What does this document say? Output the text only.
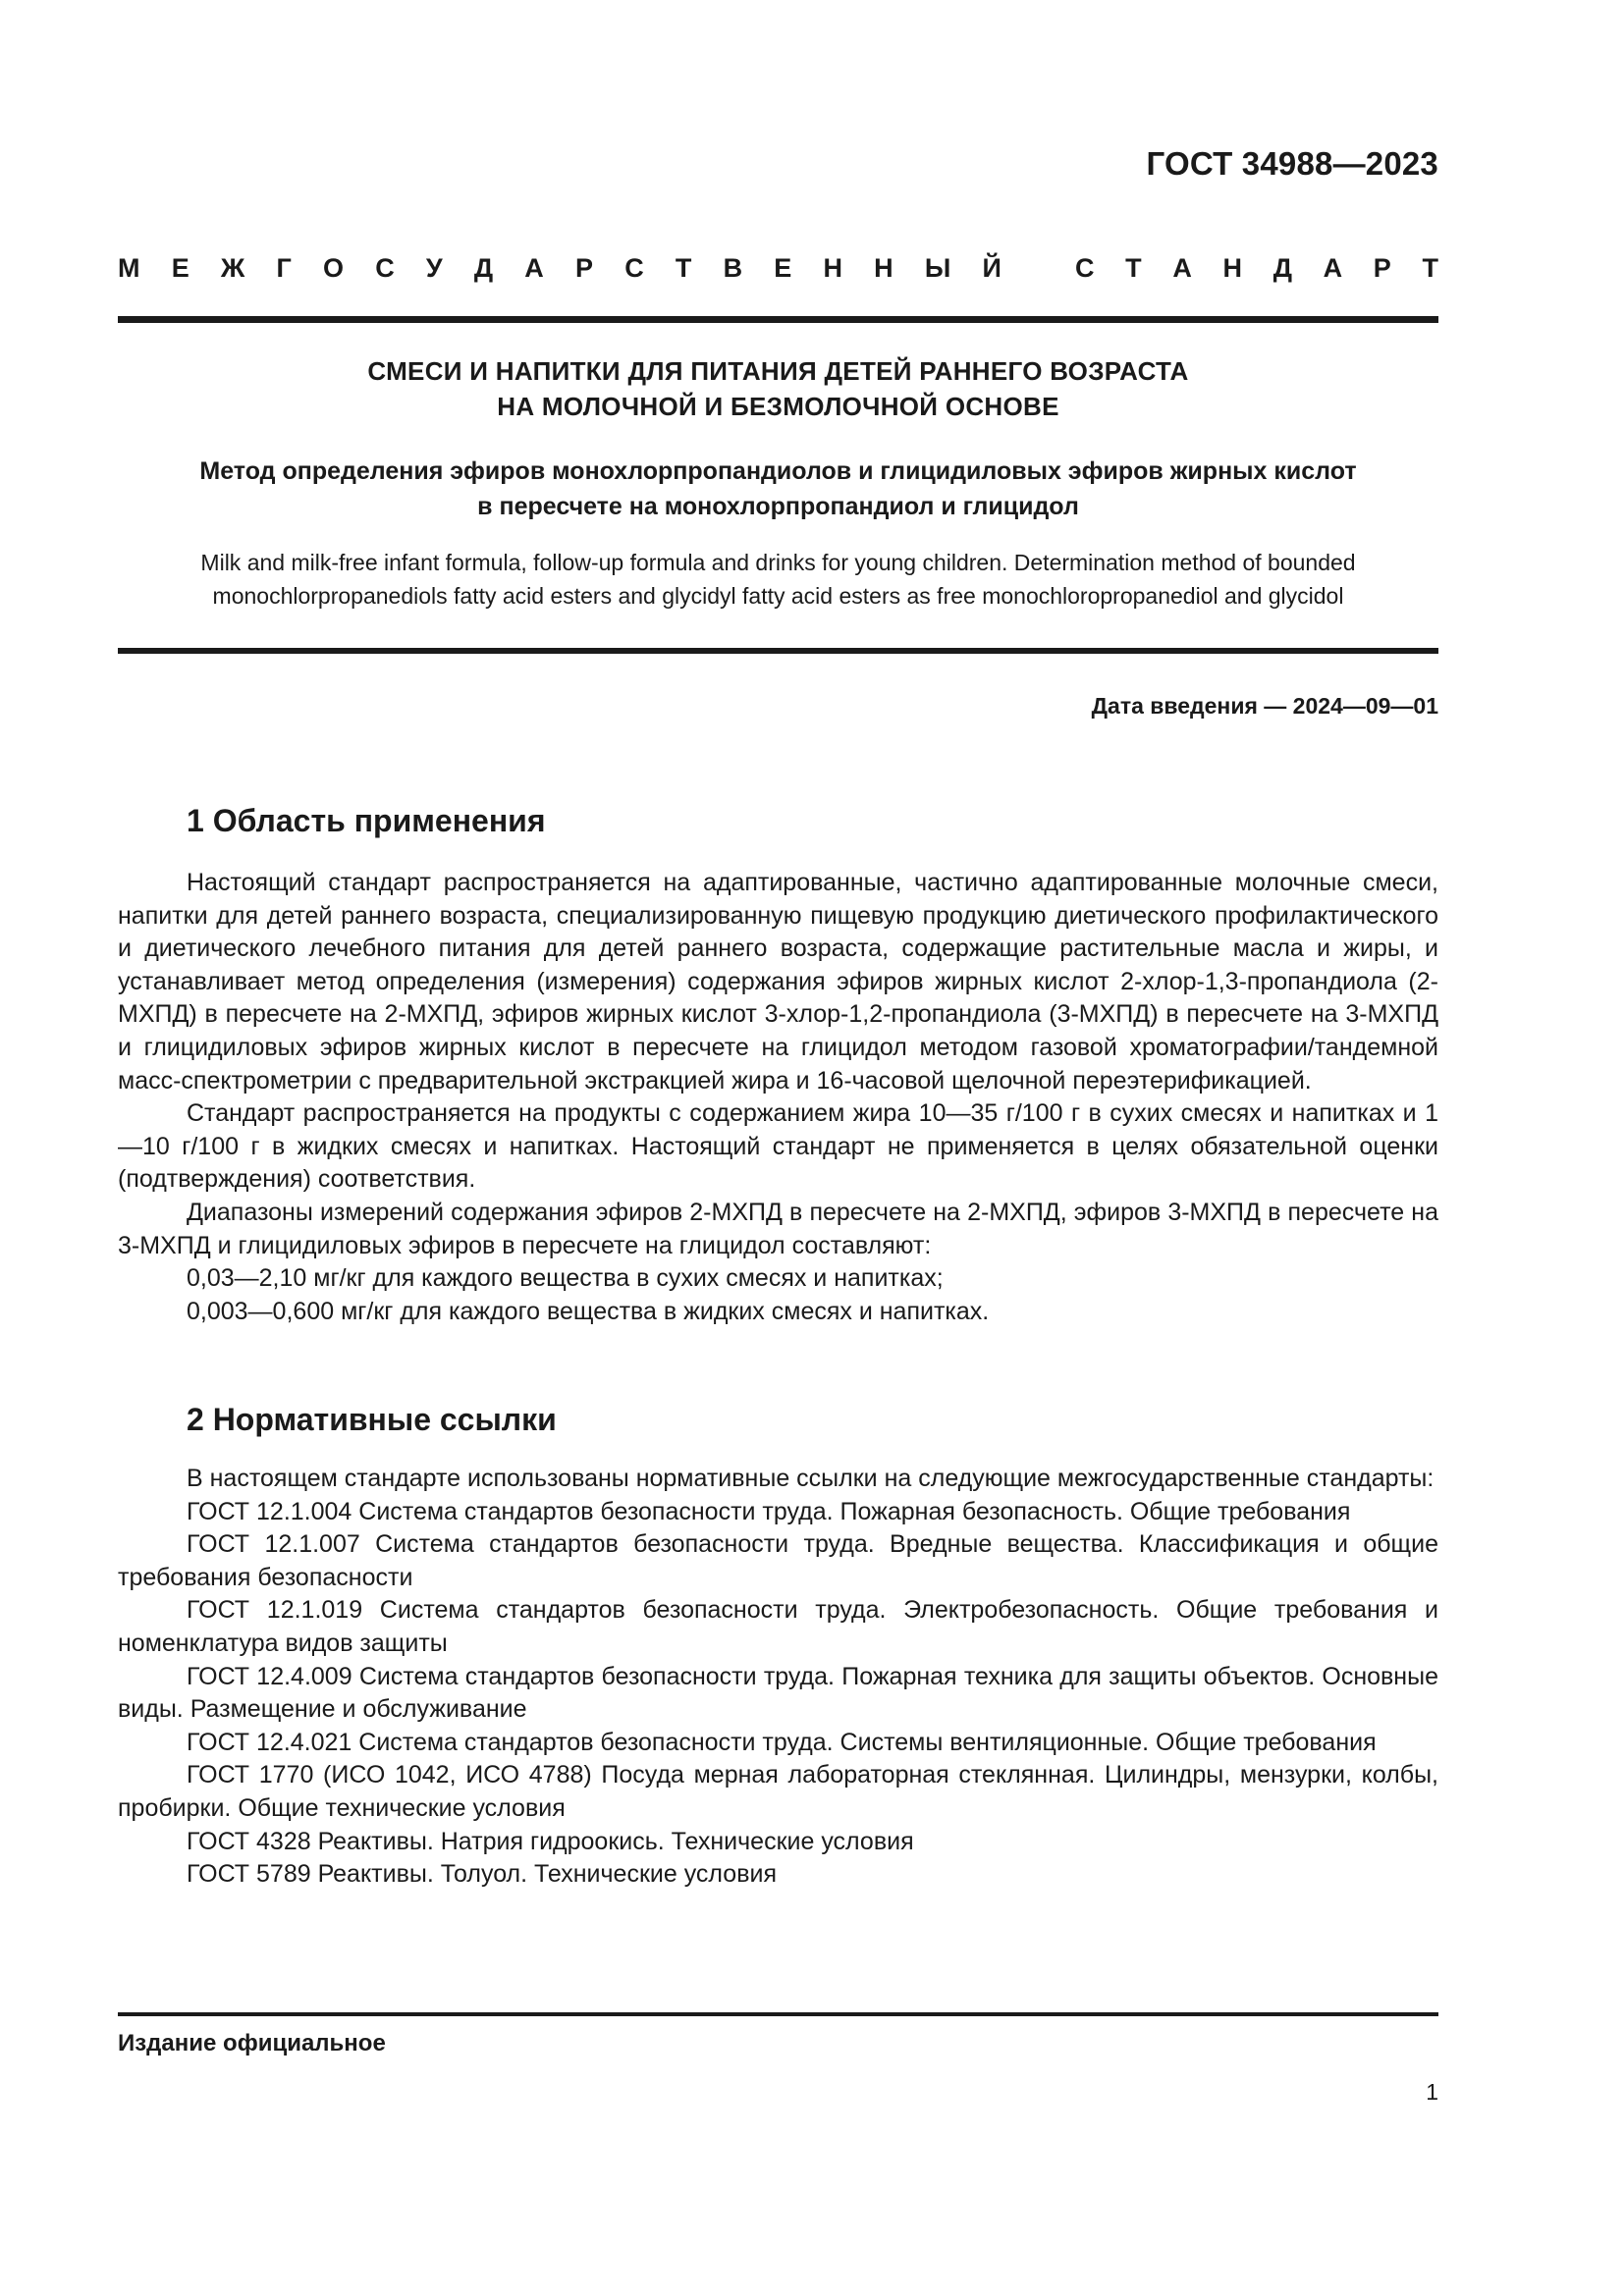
ГОСТ 34988—2023
М Е Ж Г О С У Д А Р С Т В Е Н Н Ы Й	С Т А Н Д А Р Т
СМЕСИ И НАПИТКИ ДЛЯ ПИТАНИЯ ДЕТЕЙ РАННЕГО ВОЗРАСТА
НА МОЛОЧНОЙ И БЕЗМОЛОЧНОЙ ОСНОВЕ
Метод определения эфиров монохлорпропандиолов и глицидиловых эфиров жирных кислот
в пересчете на монохлорпропандиол и глицидол
Milk and milk-free infant formula, follow-up formula and drinks for young children. Determination method of bounded
monochlorpropanediols fatty acid esters and glycidyl fatty acid esters as free monochloropropanediol and glycidol
Дата введения — 2024—09—01
1 Область применения

Настоящий стандарт распространяется на адаптированные, частично адаптированные молочные смеси, напитки для детей раннего возраста, специализированную пищевую продукцию диетического профилактического и диетического лечебного питания для детей раннего возраста, содержащие растительные масла и жиры, и устанавливает метод определения (измерения) содержания эфиров жирных кислот 2-хлор-1,3-пропандиола (2-МХПД) в пересчете на 2-МХПД, эфиров жирных кислот 3-хлор-1,2-пропандиола (3-МХПД) в пересчете на 3-МХПД и глицидиловых эфиров жирных кислот в пересчете на глицидол методом газовой хроматографии/тандемной масс-спектрометрии с предварительной экстракцией жира и 16-часовой щелочной переэтерификацией.

Стандарт распространяется на продукты с содержанием жира 10—35 г/100 г в сухих смесях и напитках и 1—10 г/100 г в жидких смесях и напитках. Настоящий стандарт не применяется в целях обязательной оценки (подтверждения) соответствия.

Диапазоны измерений содержания эфиров 2-МХПД в пересчете на 2-МХПД, эфиров 3-МХПД в пересчете на 3-МХПД и глицидиловых эфиров в пересчете на глицидол составляют:

0,03—2,10 мг/кг для каждого вещества в сухих смесях и напитках;

0,003—0,600 мг/кг для каждого вещества в жидких смесях и напитках.

2 Нормативные ссылки

В настоящем стандарте использованы нормативные ссылки на следующие межгосударственные стандарты:

ГОСТ 12.1.004 Система стандартов безопасности труда. Пожарная безопасность. Общие требования

ГОСТ 12.1.007 Система стандартов безопасности труда. Вредные вещества. Классификация и общие требования безопасности

ГОСТ 12.1.019 Система стандартов безопасности труда. Электробезопасность. Общие требования и номенклатура видов защиты

ГОСТ 12.4.009 Система стандартов безопасности труда. Пожарная техника для защиты объектов. Основные виды. Размещение и обслуживание

ГОСТ 12.4.021 Система стандартов безопасности труда. Системы вентиляционные. Общие требования

ГОСТ 1770 (ИСО 1042, ИСО 4788) Посуда мерная лабораторная стеклянная. Цилиндры, мензурки, колбы, пробирки. Общие технические условия

ГОСТ 4328 Реактивы. Натрия гидроокись. Технические условия

ГОСТ 5789 Реактивы. Толуол. Технические условия

Издание официальное
1
